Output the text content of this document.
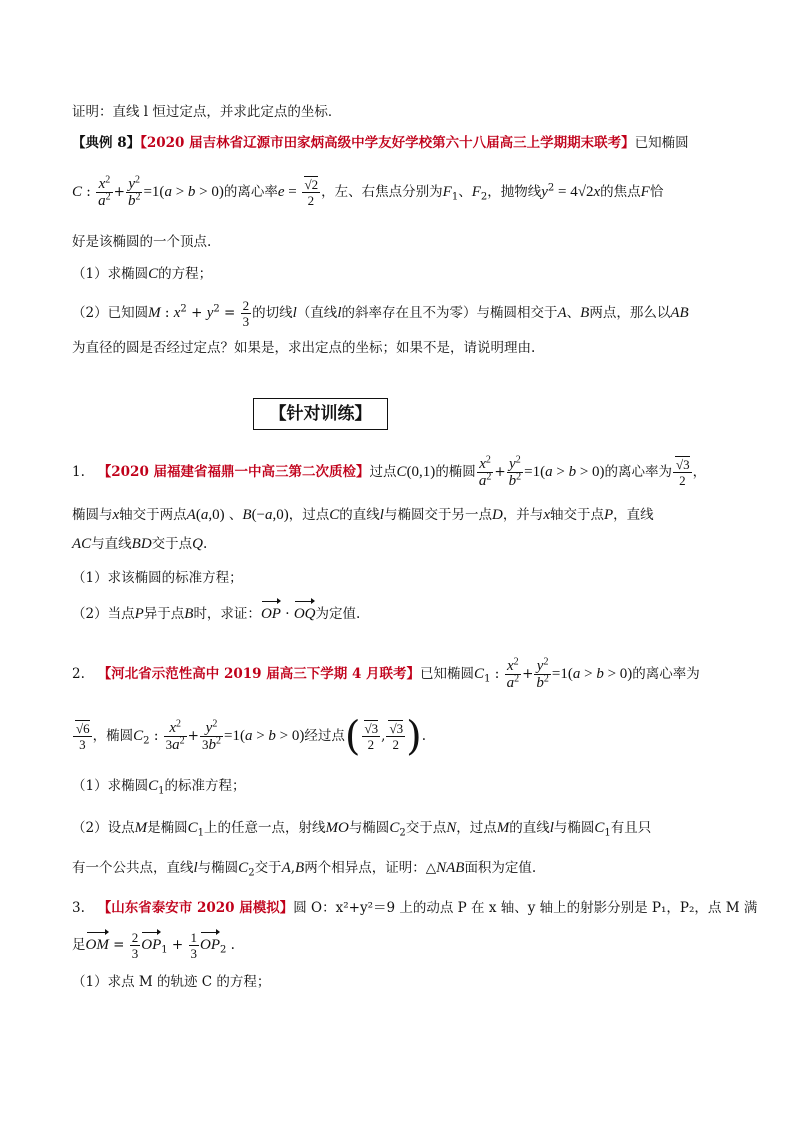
证明：直线 l 恒过定点，并求此定点的坐标．
【典例 8】【2020 届吉林省辽源市田家炳高级中学友好学校第六十八届高三上学期期末联考】已知椭圆
C : $\frac{x^2}{a^2} + \frac{y^2}{b^2} =1(a > b > 0)$的离心率$e = \frac{√2}{2}$ ，左、右焦点分别为$F_1$、$F_2$，抛物线$y^2 = 4√2x$的焦点F恰
好是该椭圆的一个顶点.
（1）求椭圆C的方程；
（2）已知圆M : $x^2 + y^2 = \frac{2}{3}$ 的切线l（直线l的斜率存在且不为零）与椭圆相交于A、B两点，那么以AB
为直径的圆是否经过定点？如果是，求出定点的坐标；如果不是，请说明理由.
【针对训练】
1. 【2020 届福建省福鼎一中高三第二次质检】过点C(0,1)的椭圆 $\frac{x^2}{a^2} + \frac{y^2}{b^2} =1(a > b > 0)$的离心率为 $\frac{√3}{2}$ ，
椭圆与x轴交于两点A(a,0) 、B(−a,0)，过点C的直线l与椭圆交于另一点D，并与x轴交于点P，直线
AC与直线BD交于点Q.
（1）求该椭圆的标准方程；
（2）当点P异于点B时，求证：OP · OQ为定值.
2. 【河北省示范性高中 2019 届高三下学期 4 月联考】已知椭圆$C_1$ : $\frac{x^2}{a^2} + \frac{y^2}{b^2} =1(a > b > 0)$的离心率为
$\frac{√6}{3}$ ，椭圆$C_2$ : $\frac{x^2}{3a^2} + \frac{y^2}{3b^2} =1(a > b > 0)$经过点( $\frac{√3}{2}$ , $\frac{√3}{2}$ ).
（1）求椭圆$C_1$的标准方程；
（2）设点M是椭圆$C_1$上的任意一点，射线MO与椭圆$C_2$交于点N，过点M的直线l与椭圆$C_1$有且只
有一个公共点，直线l与椭圆$C_2$交于A,B两个相异点，证明：△NAB面积为定值.
3. 【山东省泰安市 2020 届模拟】圆 O：x²+y²＝9 上的动点 P 在 x 轴、y 轴上的射影分别是 P₁，P₂，点 M 满
足OM = $\frac{2}{3} OP_1 + \frac{1}{3} OP_2$ .
（1）求点 M 的轨迹 C 的方程；
